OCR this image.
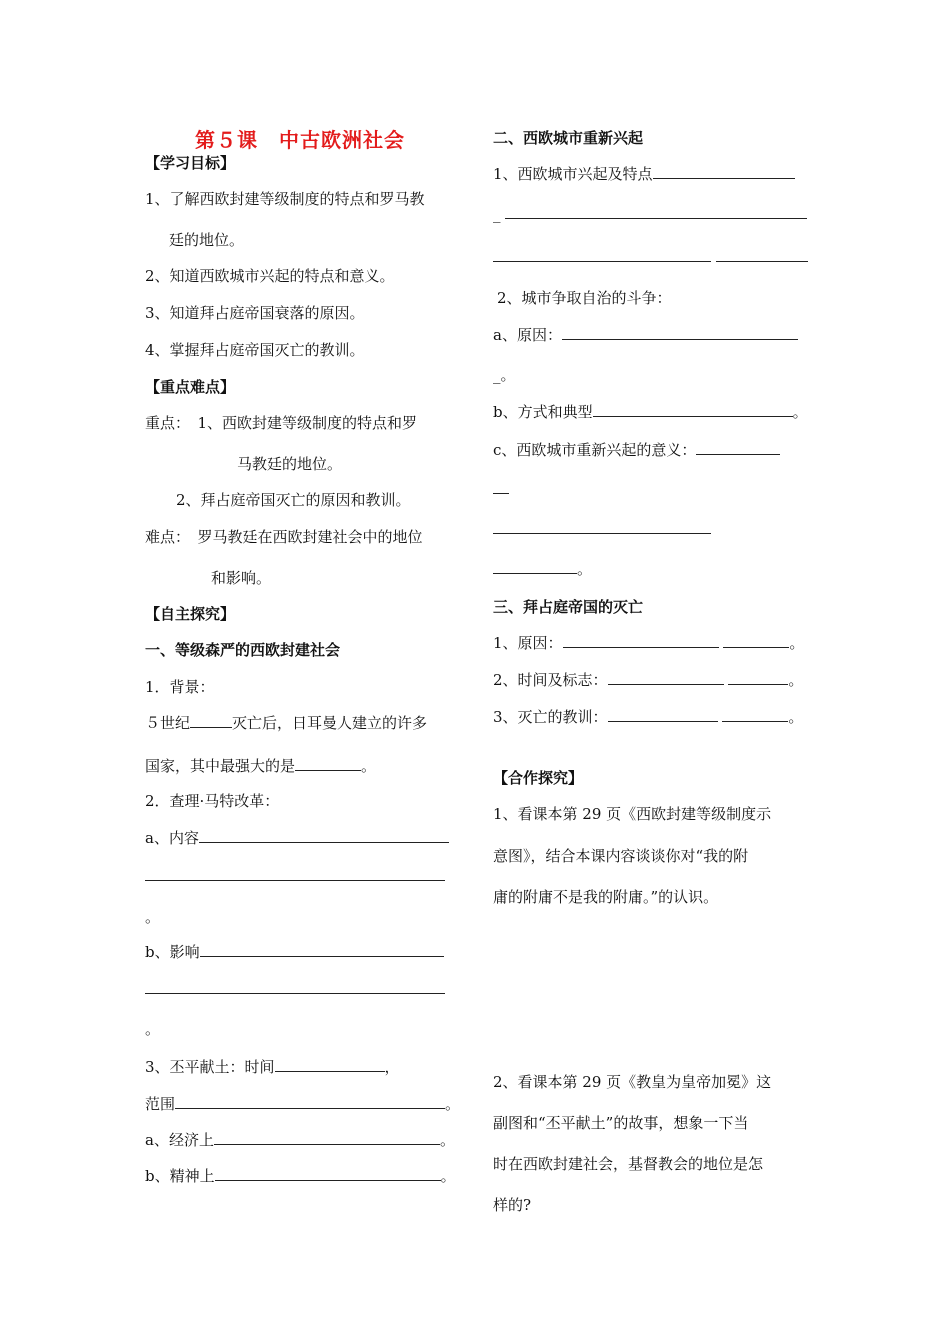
第５课　中古欧洲社会
【学习目标】
1、了解西欧封建等级制度的特点和罗马教
廷的地位。
2、知道西欧城市兴起的特点和意义。
3、知道拜占庭帝国衰落的原因。
4、掌握拜占庭帝国灭亡的教训。
【重点难点】
重点：　1、西欧封建等级制度的特点和罗
马教廷的地位。
2、拜占庭帝国灭亡的原因和教训。
难点：　罗马教廷在西欧封建社会中的地位
和影响。
【自主探究】
一、等级森严的西欧封建社会
1．背景：
５世纪	灭亡后，日耳曼人建立的许多
国家，其中最强大的是	。
2．查理·马特改革：
a、内容
。
b、影响
。
3、丕平献土：时间	，
范围	。
a、经济上	。
b、精神上	。
二、西欧城市重新兴起
1、西欧城市兴起及特点
_

2、城市争取自治的斗争：
a、原因：
_。
b、方式和典型	。
c、西欧城市重新兴起的意义：
。
三、拜占庭帝国的灭亡
1、原因：	。
2、时间及标志：	。
3、灭亡的教训：	。
【合作探究】
1、看课本第 29 页《西欧封建等级制度示
意图》，结合本课内容谈谈你对“我的附
庸的附庸不是我的附庸。”的认识。
2、看课本第 29 页《教皇为皇帝加冕》这
副图和“丕平献土”的故事，想象一下当
时在西欧封建社会，基督教会的地位是怎
样的?
